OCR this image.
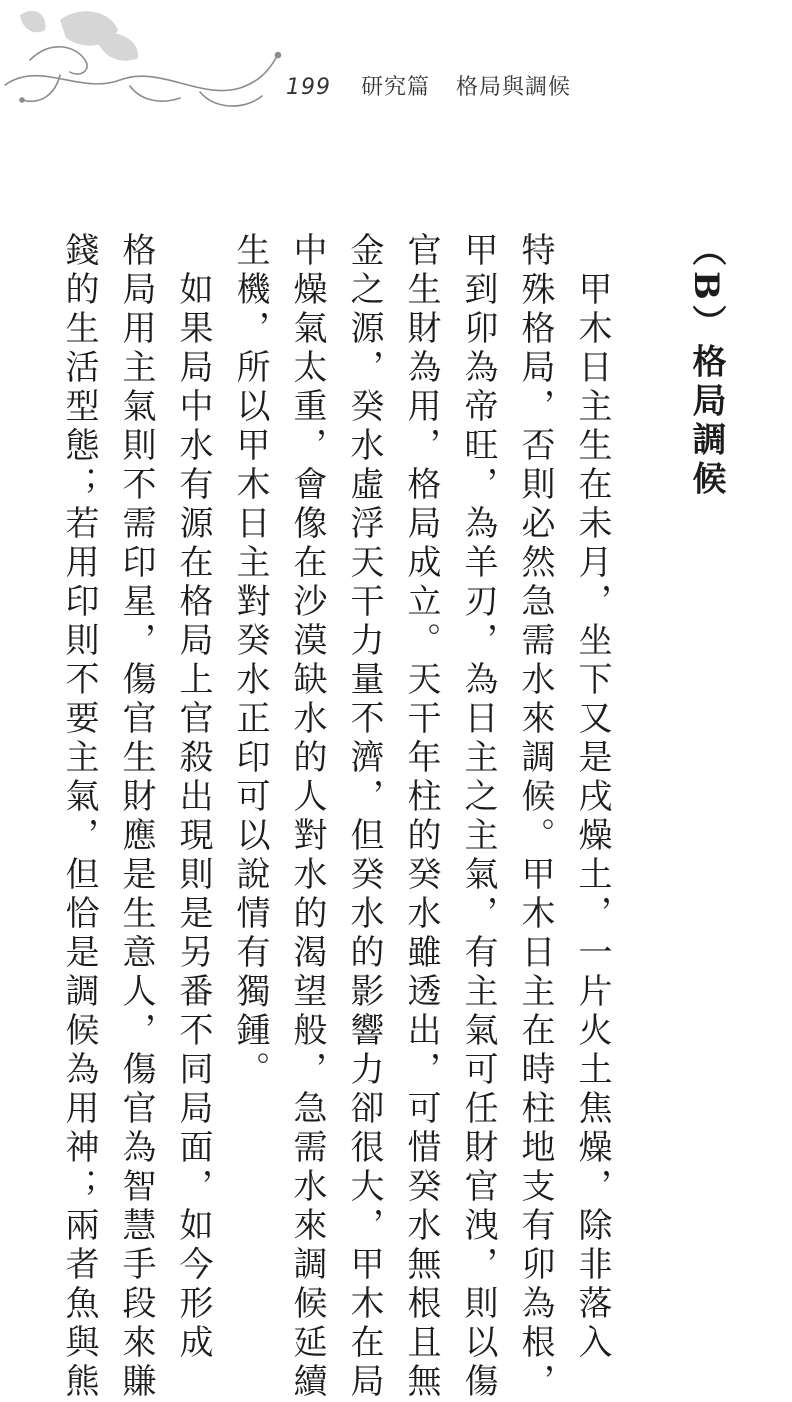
199 研究篇 格局與調候
（B）格局調候
　甲木日主生在未月，坐下又是戌燥土，一片火土焦燥，除非落入
特殊格局，否則必然急需水來調候。甲木日主在時柱地支有卯為根，
甲到卯為帝旺，為羊刃，為日主之主氣，有主氣可任財官洩，則以傷
官生財為用，格局成立。天干年柱的癸水雖透出，可惜癸水無根且無
金之源，癸水虛浮天干力量不濟，但癸水的影響力卻很大，甲木在局
中燥氣太重，會像在沙漠缺水的人對水的渴望般，急需水來調候延續
生機，所以甲木日主對癸水正印可以說情有獨鍾。
　如果局中水有源在格局上官殺出現則是另番不同局面，如今形成
格局用主氣則不需印星，傷官生財應是生意人，傷官為智慧手段來賺
錢的生活型態；若用印則不要主氣，但恰是調候為用神；兩者魚與熊
